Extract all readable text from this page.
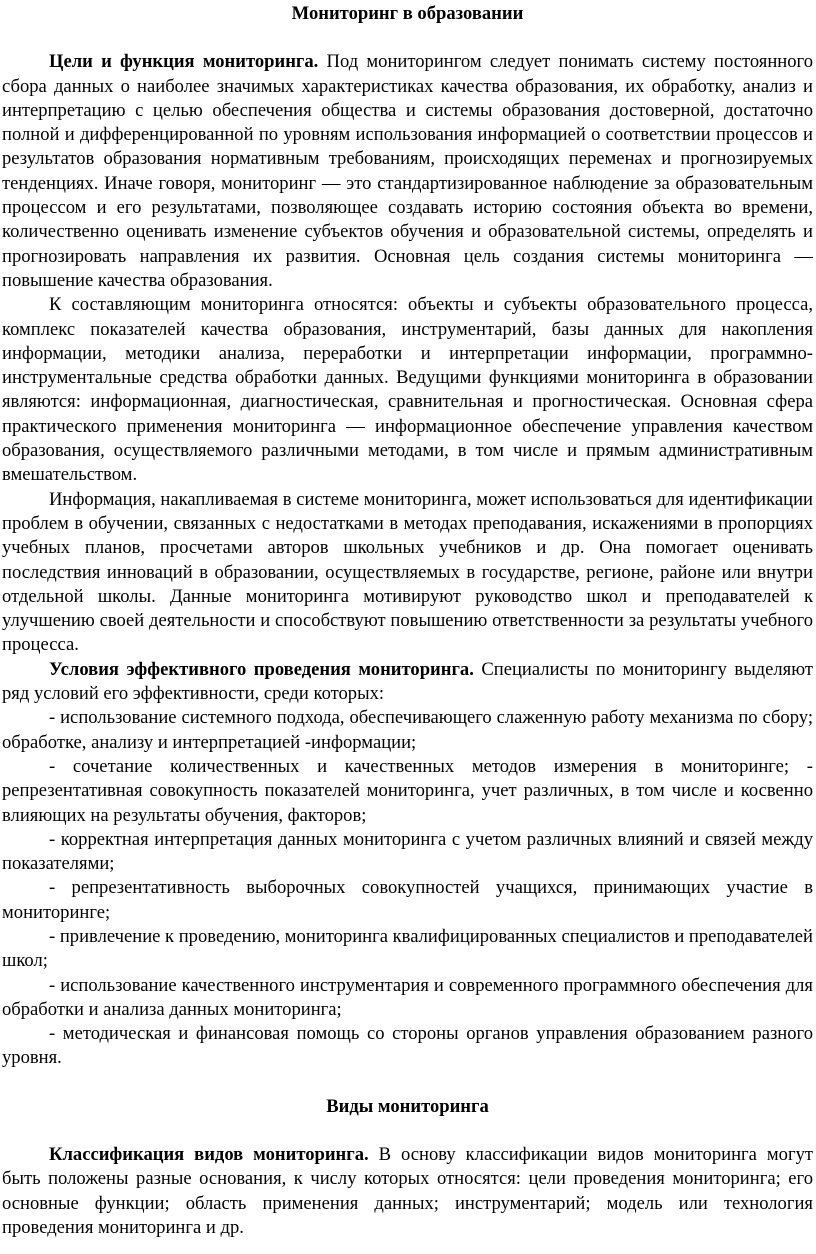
Мониторинг в образовании

Цели и функция мониторинга. Под мониторингом следует понимать систему постоянного сбора данных о наиболее значимых характеристиках качества образования, их обработку, анализ и интерпретацию с целью обеспечения общества и системы образования достоверной, достаточно полной и дифференцированной по уровням использования информацией о соответствии процессов и результатов образования нормативным требованиям, происходящих переменах и прогнозируемых тенденциях. Иначе говоря, мониторинг — это стандартизированное наблюдение за образовательным процессом и его результатами, позволяющее создавать историю состояния объекта во времени, количественно оценивать изменение субъектов обучения и образовательной системы, определять и прогнозировать направления их развития. Основная цель создания системы мониторинга — повышение качества образования.

К составляющим мониторинга относятся: объекты и субъекты образовательного процесса, комплекс показателей качества образования, инструментарий, базы данных для накопления информации, методики анализа, переработки и интерпретации информации, программно-инструментальные средства обработки данных. Ведущими функциями мониторинга в образовании являются: информационная, диагностическая, сравнительная и прогностическая. Основная сфера практического применения мониторинга — информационное обеспечение управления качеством образования, осуществляемого различными методами, в том числе и прямым административным вмешательством.

Информация, накапливаемая в системе мониторинга, может использоваться для идентификации проблем в обучении, связанных с недостатками в методах преподавания, искажениями в пропорциях учебных планов, просчетами авторов школьных учебников и др. Она помогает оценивать последствия инноваций в образовании, осуществляемых в государстве, регионе, районе или внутри отдельной школы. Данные мониторинга мотивируют руководство школ и преподавателей к улучшению своей деятельности и способствуют повышению ответственности за результаты учебного процесса.

Условия эффективного проведения мониторинга. Специалисты по мониторингу выделяют ряд условий его эффективности, среди которых:

- использование системного подхода, обеспечивающего слаженную работу механизма по сбору; обработке, анализу и интерпретацией -информации;

- сочетание количественных и качественных методов измерения в мониторинге; - репрезентативная совокупность показателей мониторинга, учет различных, в том числе и косвенно влияющих на результаты обучения, факторов;

- корректная интерпретация данных мониторинга с учетом различных влияний и связей между показателями;

- репрезентативность выборочных совокупностей учащихся, принимающих участие в мониторинге;

- привлечение к проведению, мониторинга квалифицированных специалистов и преподавателей школ;

- использование качественного инструментария и современного программного обеспечения для обработки и анализа данных мониторинга;

- методическая и финансовая помощь со стороны органов управления образованием разного уровня.

Виды мониторинга

Классификация видов мониторинга. В основу классификации видов мониторинга могут быть положены разные основания, к числу которых относятся: цели проведения мониторинга; его основные функции; область применения данных; инструментарий; модель или технология проведения мониторинга и др.
